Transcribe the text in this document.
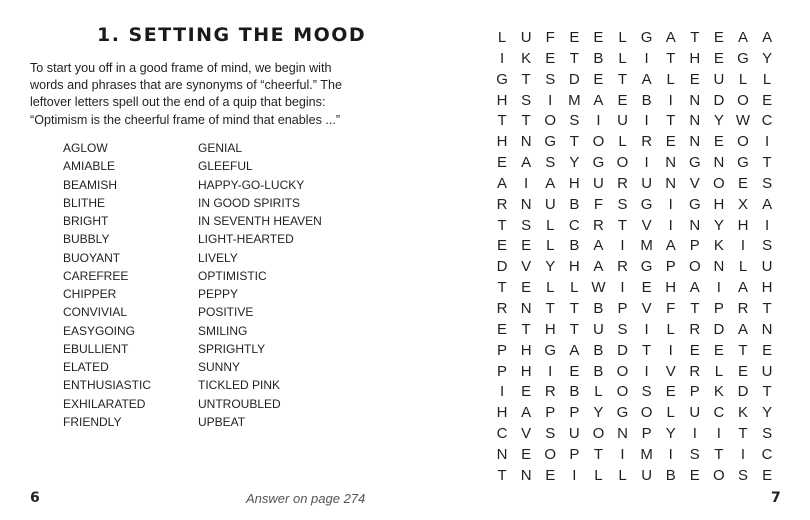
1. SETTING THE MOOD
To start you off in a good frame of mind, we begin with words and phrases that are synonyms of “cheerful.” The leftover letters spell out the end of a quip that begins: “Optimism is the cheerful frame of mind that enables ...”
AGLOW
AMIABLE
BEAMISH
BLITHE
BRIGHT
BUBBLY
BUOYANT
CAREFREE
CHIPPER
CONVIVIAL
EASYGOING
EBULLIENT
ELATED
ENTHUSIASTIC
EXHILARATED
FRIENDLY
GENIAL
GLEEFUL
HAPPY-GO-LUCKY
IN GOOD SPIRITS
IN SEVENTH HEAVEN
LIGHT-HEARTED
LIVELY
OPTIMISTIC
PEPPY
POSITIVE
SMILING
SPRIGHTLY
SUNNY
TICKLED PINK
UNTROUBLED
UPBEAT
6	Answer on page 274
L U F E E L G A T E A A
I	K E T B L	I	T H E G Y
G T S D E T A L E U L	L
H S	I	M A E B	I	N D O E
T T O S	I	U	I	T N Y W C
H N G T O L R E N E O	I
E A S Y G O	I	N G N G T
A	I	A H U R U N V O E S
R N U B F S G	I	G H X A
T S L C R T V	I	N Y H	I
E E L B A	I	M A P K	I	S
D V Y H A R G P O N L U
T E L	L W I	E H A	I	A H
R N T T B P V F T P R T
E T H T U S	I	L R D A N
P H G A B D T	I	E E T E
P H	I	E B O	I	V R L E U
I	E R B L O S E P K D T
H A P P Y G O L U C K Y
C V S U O N P Y	I	I	T S
N E O P T	I	M	I	S T	I	C
T N E	I	L	L U B E O S E
7
